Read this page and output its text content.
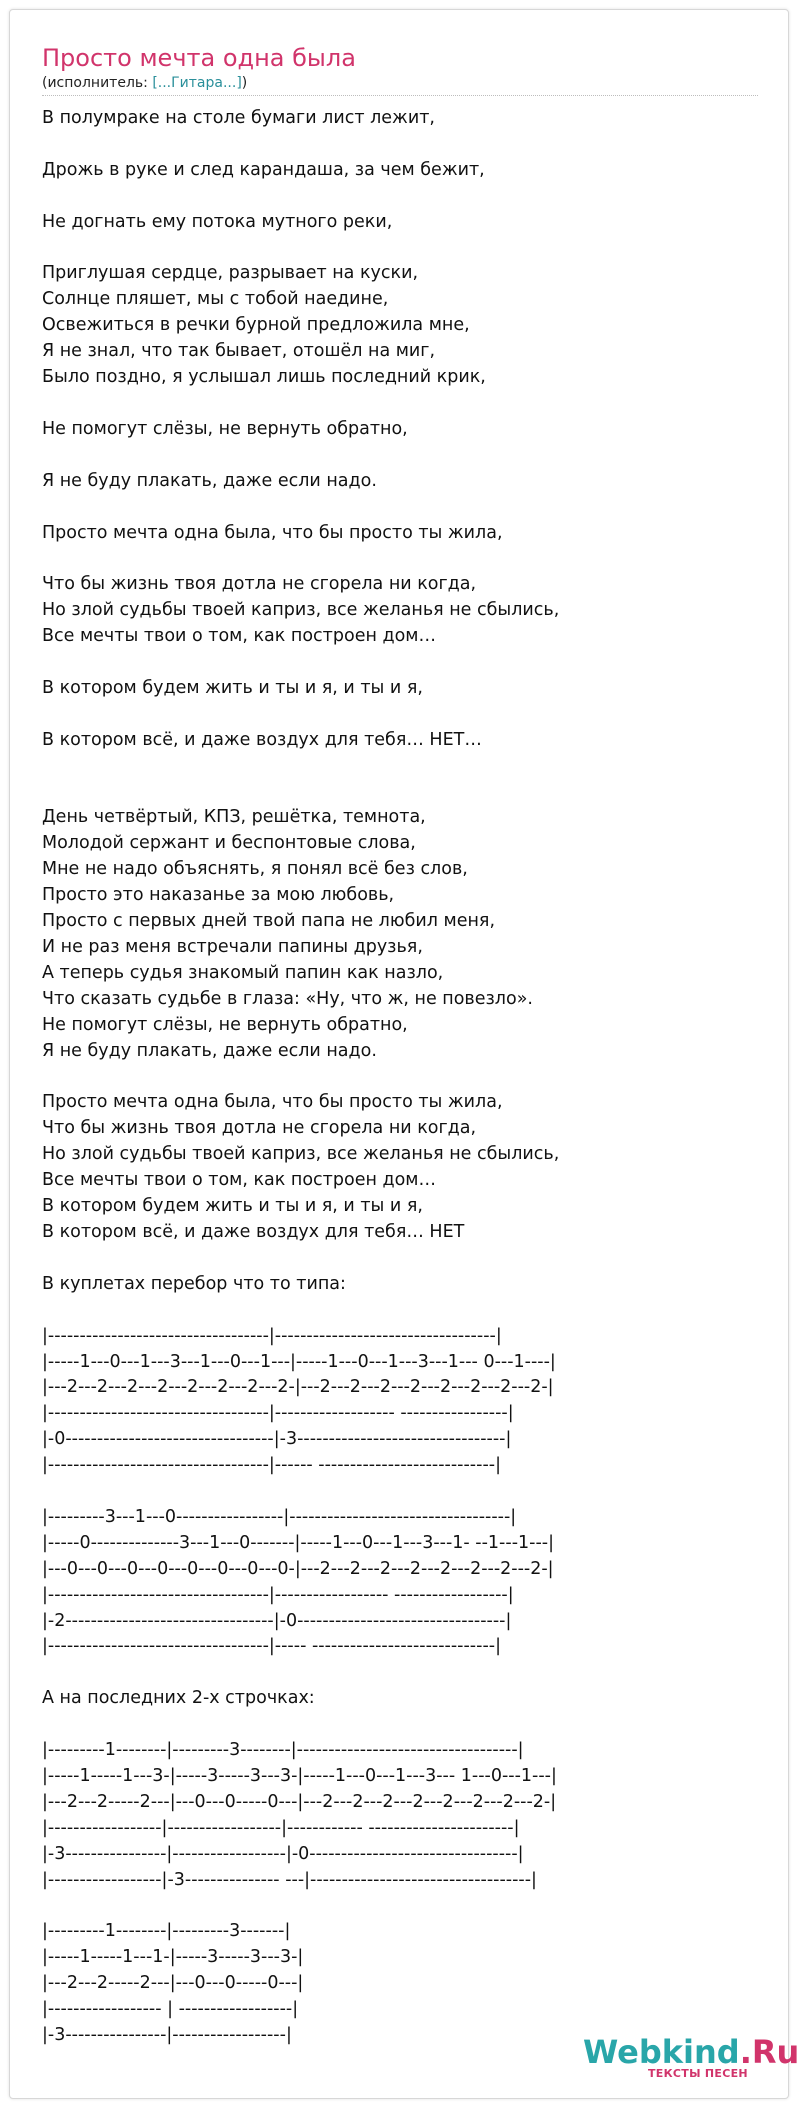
Просто мечта одна была
(исполнитель: [...Гитара...])
В полумраке на столе бумаги лист лежит,

Дрожь в руке и след карандаша, за чем бежит,

Не догнать ему потока мутного реки,

Приглушая сердце, разрывает на куски,
Солнце пляшет, мы с тобой наедине,
Освежиться в речки бурной предложила мне,
Я не знал, что так бывает, отошёл на миг,
Было поздно, я услышал лишь последний крик,

Не помогут слёзы, не вернуть обратно,

Я не буду плакать, даже если надо.

Просто мечта одна была, что бы просто ты жила,

Что бы жизнь твоя дотла не сгорела ни когда,
Но злой судьбы твоей каприз, все желанья не сбылись,
Все мечты твои о том, как построен дом…

В котором будем жить и ты и я, и ты и я,

В котором всё, и даже воздух для тебя… НЕТ…

День четвёртый, КПЗ, решётка, темнота,
Молодой сержант и беспонтовые слова,
Мне не надо объяснять, я понял всё без слов,
Просто это наказанье за мою любовь,
Просто с первых дней твой папа не любил меня,
И не раз меня встречали папины друзья,
А теперь судья знакомый папин как назло,
Что сказать судьбе в глаза: «Ну, что ж, не повезло».
Не помогут слёзы, не вернуть обратно,
Я не буду плакать, даже если надо.

Просто мечта одна была, что бы просто ты жила,
Что бы жизнь твоя дотла не сгорела ни когда,
Но злой судьбы твоей каприз, все желанья не сбылись,
Все мечты твои о том, как построен дом…
В котором будем жить и ты и я, и ты и я,
В котором всё, и даже воздух для тебя… НЕТ

В куплетах перебор что то типа:

|-----------------------------------|-----------------------------------|
|-----1---0---1---3---1---0---1---|-----1---0---1---3---1--- 0---1----|
|---2---2---2---2---2---2---2---2-|---2---2---2---2---2---2---2---2-|
|-----------------------------------|------------------- -----------------|
|-0---------------------------------|-3---------------------------------|
|-----------------------------------|------ ----------------------------|

|---------3---1---0-----------------|-----------------------------------|
|-----0--------------3---1---0-------|-----1---0---1---3---1- --1---1---|
|---0---0---0---0---0---0---0---0-|---2---2---2---2---2---2---2---2-|
|-----------------------------------|------------------ ------------------|
|-2---------------------------------|-0---------------------------------|
|-----------------------------------|----- -----------------------------|

А на последних 2-х строчках:

|---------1--------|---------3--------|-----------------------------------|
|-----1-----1---3-|-----3-----3---3-|-----1---0---1---3--- 1---0---1---|
|---2---2-----2---|---0---0-----0---|---2---2---2---2---2---2---2---2-|
|------------------|------------------|------------ -----------------------|
|-3----------------|------------------|-0---------------------------------|
|------------------|-3--------------- ---|-----------------------------------|

|---------1--------|---------3-------|
|-----1-----1---1-|-----3-----3---3-|
|---2---2-----2---|---0---0-----0---|
|------------------ | ------------------|
|-3----------------|------------------|	Webkind.Ru
ТЕКСТЫ ПЕСЕН
